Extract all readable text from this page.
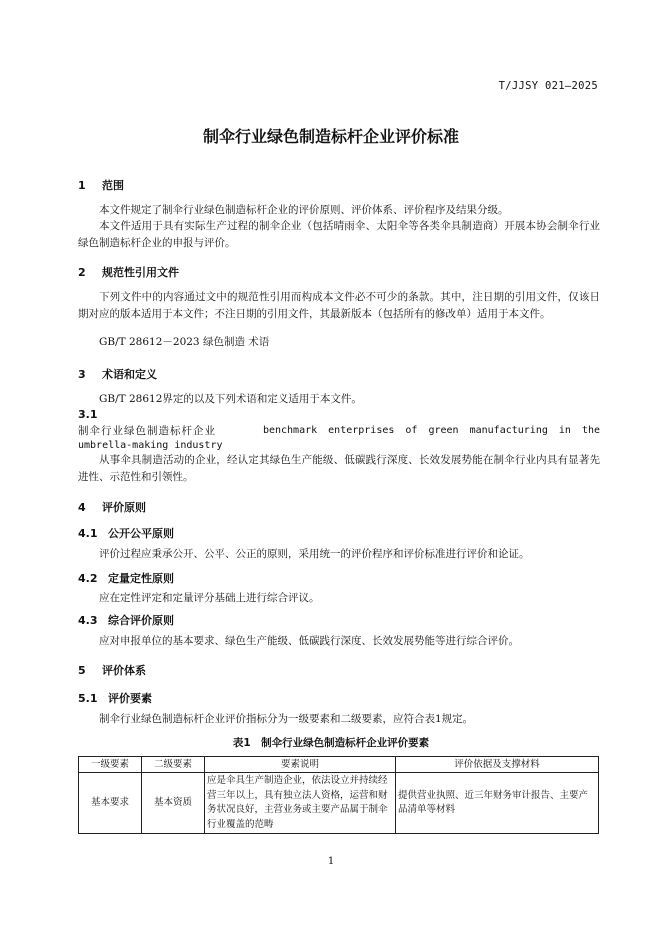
T/JJSY 021—2025
制伞行业绿色制造标杆企业评价标准
1 范围
本文件规定了制伞行业绿色制造标杆企业的评价原则、评价体系、评价程序及结果分级。
本文件适用于具有实际生产过程的制伞企业（包括晴雨伞、太阳伞等各类伞具制造商）开展本协会制伞行业绿色制造标杆企业的申报与评价。
2 规范性引用文件
下列文件中的内容通过文中的规范性引用而构成本文件必不可少的条款。其中，注日期的引用文件，仅该日期对应的版本适用于本文件；不注日期的引用文件，其最新版本（包括所有的修改单）适用于本文件。
GB/T 28612－2023 绿色制造 术语
3 术语和定义
GB/T 28612界定的以及下列术语和定义适用于本文件。
3.1
制伞行业绿色制造标杆企业	benchmark enterprises of green manufacturing in the
umbrella-making industry
从事伞具制造活动的企业，经认定其绿色生产能级、低碳践行深度、长效发展势能在制伞行业内具有显著先进性、示范性和引领性。
4 评价原则
4.1 公开公平原则
评价过程应秉承公开、公平、公正的原则，采用统一的评价程序和评价标准进行评价和论证。
4.2 定量定性原则
应在定性评定和定量评分基础上进行综合评议。
4.3 综合评价原则
应对申报单位的基本要求、绿色生产能级、低碳践行深度、长效发展势能等进行综合评价。
5 评价体系
5.1 评价要素
制伞行业绿色制造标杆企业评价指标分为一级要素和二级要素，应符合表1规定。
表1　制伞行业绿色制造标杆企业评价要素
一级要素	二级要素	要素说明	评价依据及支撑材料
基本要求	基本资质	应是伞具生产制造企业，依法设立并持续经营三年以上，具有独立法人资格，运营和财务状况良好，主营业务或主要产品属于制伞行业覆盖的范畴	提供营业执照、近三年财务审计报告、主要产品清单等材料
1
